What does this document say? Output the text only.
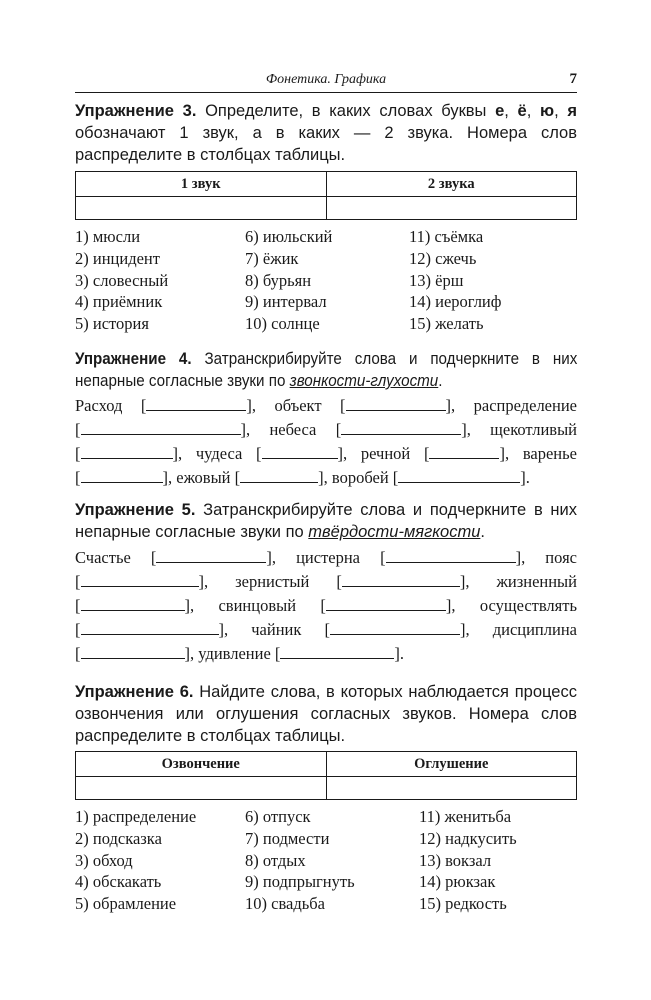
Фонетика. Графика	7
Упражнение 3. Определите, в каких словах буквы е, ё, ю, я обозначают 1 звук, а в каких — 2 звука. Номера слов распределите в столбцах таблицы.
1 звук	2 звука

1) мюсли
2) инцидент
3) словесный
4) приёмник
5) история
6) июльский
7) ёжик
8) бурьян
9) интервал
10) солнце
11) съёмка
12) сжечь
13) ёрш
14) иероглиф
15) желать
Упражнение 4. Затранскрибируйте слова и подчеркните в них непарные согласные звуки по звонкости-глухости.
Расход [	], объект [	], распределение
[	], небеса [	], щекотливый
[	], чудеса [	], речной [	], варенье
[	], ежовый [	], воробей [	].
Упражнение 5. Затранскрибируйте слова и подчеркните в них непарные согласные звуки по твёрдости-мягкости.
Счастье [	], цистерна [	], пояс
[	], зернистый [	], жизненный
[	], свинцовый [	], осуществлять
[	], чайник [	], дисциплина
[	], удивление [	].
Упражнение 6. Найдите слова, в которых наблюдается процесс озвончения или оглушения согласных звуков. Номера слов распределите в столбцах таблицы.
Озвончение	Оглушение

1) распределение
2) подсказка
3) обход
4) обскакать
5) обрамление
6) отпуск
7) подмести
8) отдых
9) подпрыгнуть
10) свадьба
11) женитьба
12) надкусить
13) вокзал
14) рюкзак
15) редкость
